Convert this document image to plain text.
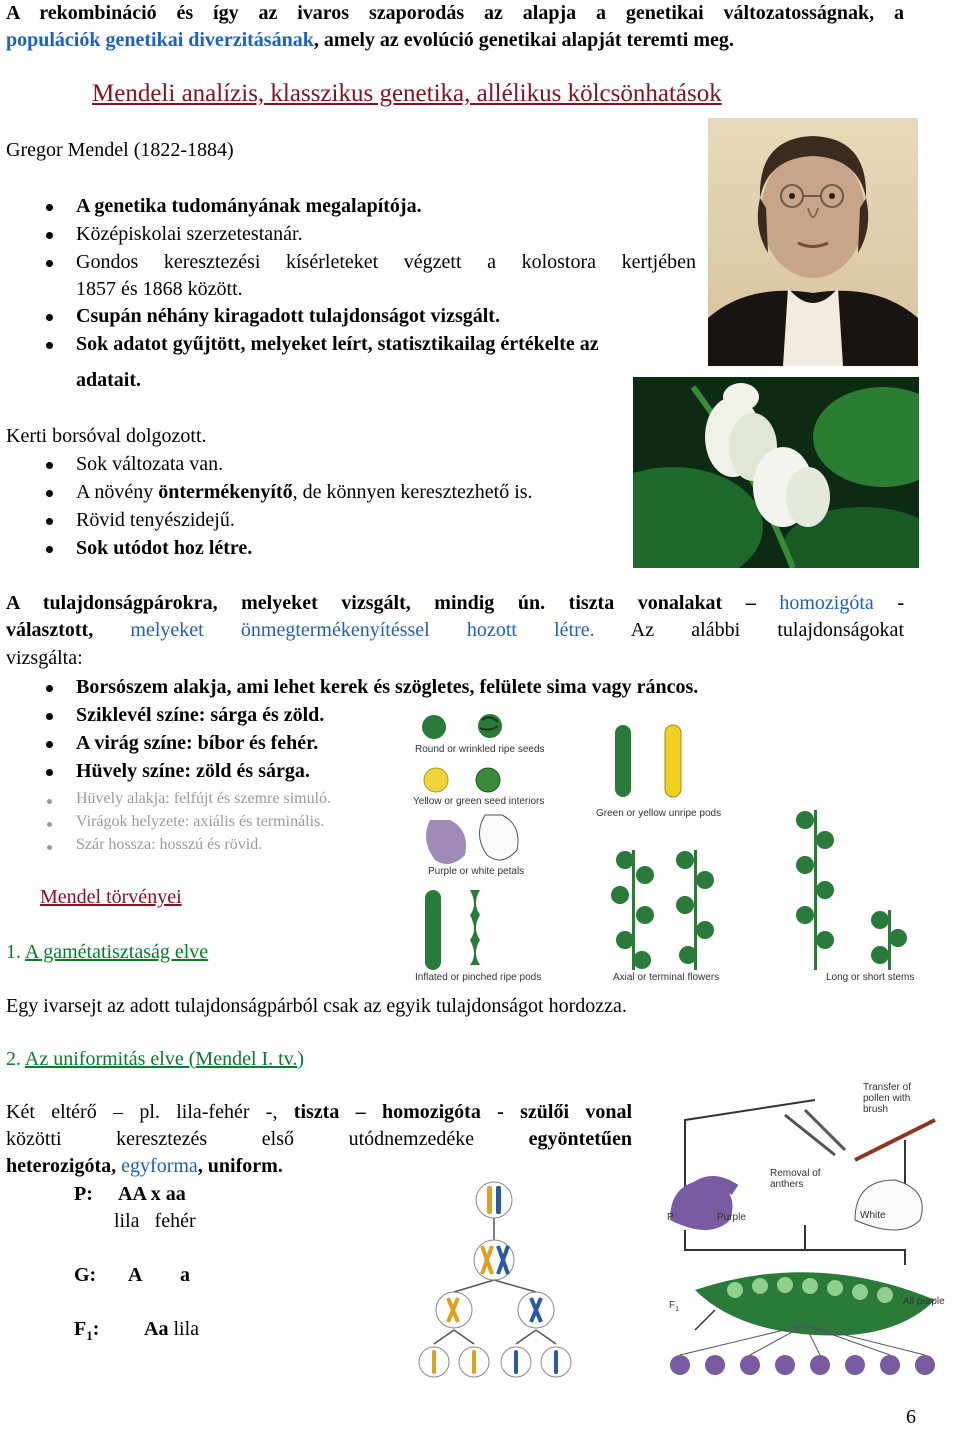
A rekombináció és így az ivaros szaporodás az alapja a genetikai változatosságnak, a
populációk genetikai diverzitásának, amely az evolúció genetikai alapját teremti meg.
Mendeli analízis, klasszikus genetika, allélikus kölcsönhatások
Gregor Mendel (1822-1884)
A genetika tudományának megalapítója.
Középiskolai szerzetestanár.
Gondos keresztezési kísérleteket végzett a kolostora kertjében
1857 és 1868 között.
Csupán néhány kiragadott tulajdonságot vizsgált.
Sok adatot gyűjtött, melyeket leírt, statisztikailag értékelte az
adatait.
Kerti borsóval dolgozott.
Sok változata van.
A növény öntermékenyítő, de könnyen keresztezhető is.
Rövid tenyészidejű.
Sok utódot hoz létre.
A tulajdonságpárokra, melyeket vizsgált, mindig ún. tiszta vonalakat – homozigóta -
választott, melyeket önmegtermékenyítéssel hozott létre. Az alábbi tulajdonságokat
vizsgálta:
Borsószem alakja, ami lehet kerek és szögletes, felülete sima vagy ráncos.
Sziklevél színe: sárga és zöld.
A virág színe: bíbor és fehér.
Hüvely színe: zöld és sárga.
Hüvely alakja: felfújt és szemre simuló.
Virágok helyzete: axiális és terminális.
Szár hossza: hosszú és rövid.
Round or wrinkled ripe seeds
Yellow or green seed interiors
Green or yellow unripe pods
Purple or white petals
Inflated or pinched ripe pods	Axial or terminal flowers	Long or short stems
Mendel törvényei
1. A gamétatisztaság elve
Egy ivarsejt az adott tulajdonságpárból csak az egyik tulajdonságot hordozza.
2. Az uniformitás elve (Mendel I. tv.)
Két eltérő – pl. lila-fehér -, tiszta – homozigóta - szülői vonal
közötti keresztezés első utódnemzedéke	egyöntetűen
heterozigóta, egyforma, uniform.
P: AA x aa
lila   fehér
G: A a
$F_1$: Aa lila
Transfer of pollen with brush
Removal of anthers
P	Purple	White
$F_1$
All purple
6
